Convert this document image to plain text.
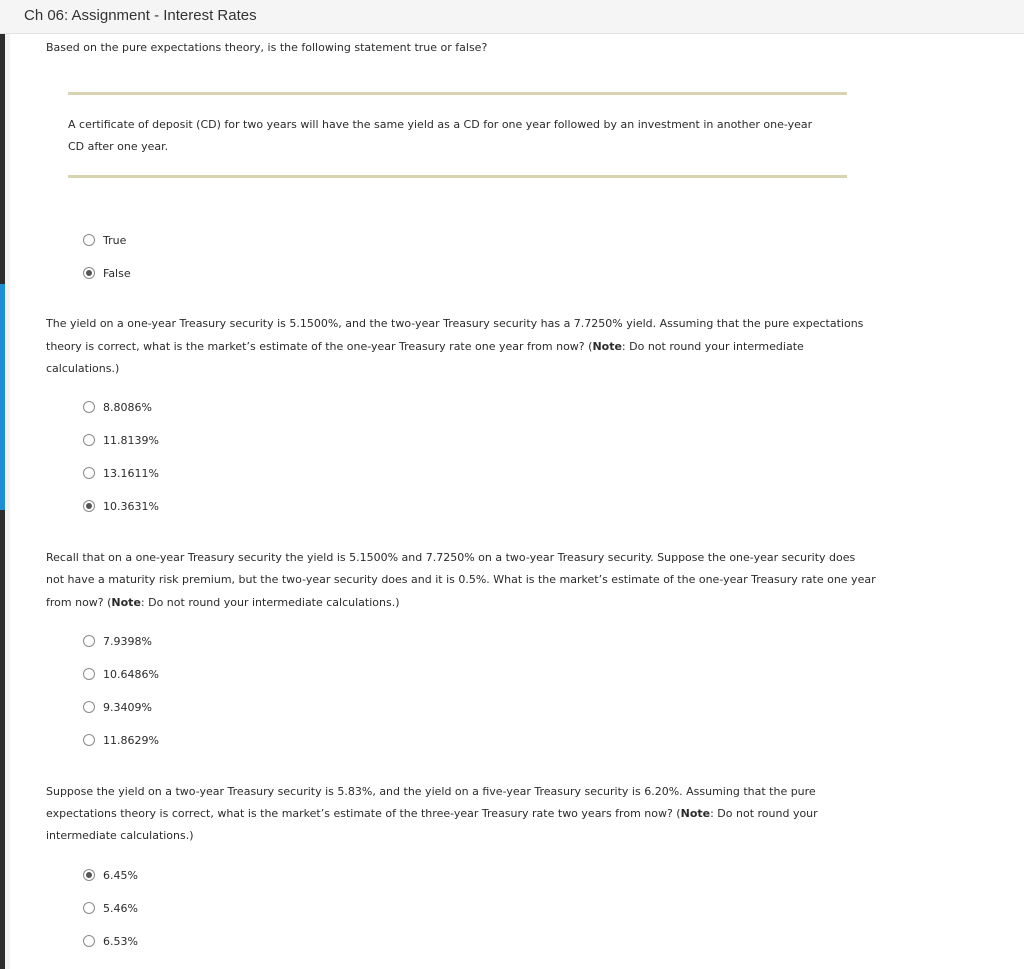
Ch 06: Assignment - Interest Rates
Based on the pure expectations theory, is the following statement true or false?
A certificate of deposit (CD) for two years will have the same yield as a CD for one year followed by an investment in another one-year
CD after one year.
True
False
The yield on a one-year Treasury security is 5.1500%, and the two-year Treasury security has a 7.7250% yield. Assuming that the pure expectations
theory is correct, what is the market’s estimate of the one-year Treasury rate one year from now? (Note: Do not round your intermediate
calculations.)
8.8086%
11.8139%
13.1611%
10.3631%
Recall that on a one-year Treasury security the yield is 5.1500% and 7.7250% on a two-year Treasury security. Suppose the one-year security does
not have a maturity risk premium, but the two-year security does and it is 0.5%. What is the market’s estimate of the one-year Treasury rate one year
from now? (Note: Do not round your intermediate calculations.)
7.9398%
10.6486%
9.3409%
11.8629%
Suppose the yield on a two-year Treasury security is 5.83%, and the yield on a five-year Treasury security is 6.20%. Assuming that the pure
expectations theory is correct, what is the market’s estimate of the three-year Treasury rate two years from now? (Note: Do not round your
intermediate calculations.)
6.45%
5.46%
6.53%
